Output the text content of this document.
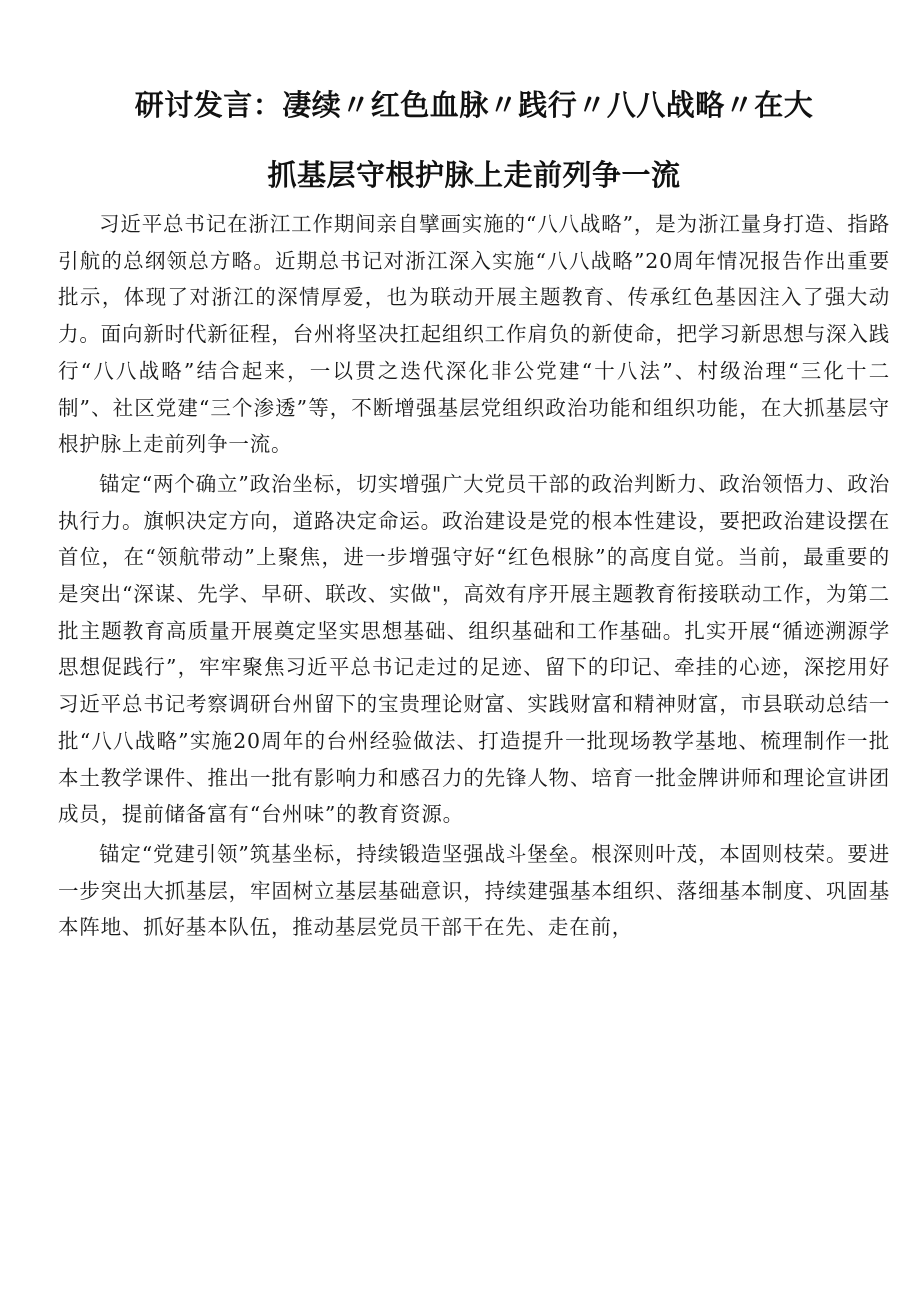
研讨发言：凄续〃红色血脉〃践行〃八八战略〃在大
抓基层守根护脉上走前列争一流

习近平总书记在浙江工作期间亲自擘画实施的“八八战略”，是为浙江量身打造、指路引航的总纲领总方略。近期总书记对浙江深入实施“八八战略”20周年情况报告作出重要批示，体现了对浙江的深情厚爱，也为联动开展主题教育、传承红色基因注入了强大动力。面向新时代新征程，台州将坚决扛起组织工作肩负的新使命，把学习新思想与深入践行“八八战略”结合起来，一以贯之迭代深化非公党建“十八法”、村级治理“三化十二制”、社区党建“三个渗透”等，不断增强基层党组织政治功能和组织功能，在大抓基层守根护脉上走前列争一流。

锚定“两个确立”政治坐标，切实增强广大党员干部的政治判断力、政治领悟力、政治执行力。旗帜决定方向，道路决定命运。政治建设是党的根本性建设，要把政治建设摆在首位，在“领航带动”上聚焦，进一步增强守好“红色根脉”的高度自觉。当前，最重要的是突出“深谋、先学、早研、联改、实做"，高效有序开展主题教育衔接联动工作，为第二批主题教育高质量开展奠定坚实思想基础、组织基础和工作基础。扎实开展“循迹溯源学思想促践行”，牢牢聚焦习近平总书记走过的足迹、留下的印记、牵挂的心迹，深挖用好习近平总书记考察调研台州留下的宝贵理论财富、实践财富和精神财富，市县联动总结一批“八八战略”实施20周年的台州经验做法、打造提升一批现场教学基地、梳理制作一批本土教学课件、推出一批有影响力和感召力的先锋人物、培育一批金牌讲师和理论宣讲团成员，提前储备富有“台州味”的教育资源。

锚定“党建引领”筑基坐标，持续锻造坚强战斗堡垒。根深则叶茂，本固则枝荣。要进一步突出大抓基层，牢固树立基层基础意识，持续建强基本组织、落细基本制度、巩固基本阵地、抓好基本队伍，推动基层党员干部干在先、走在前，
